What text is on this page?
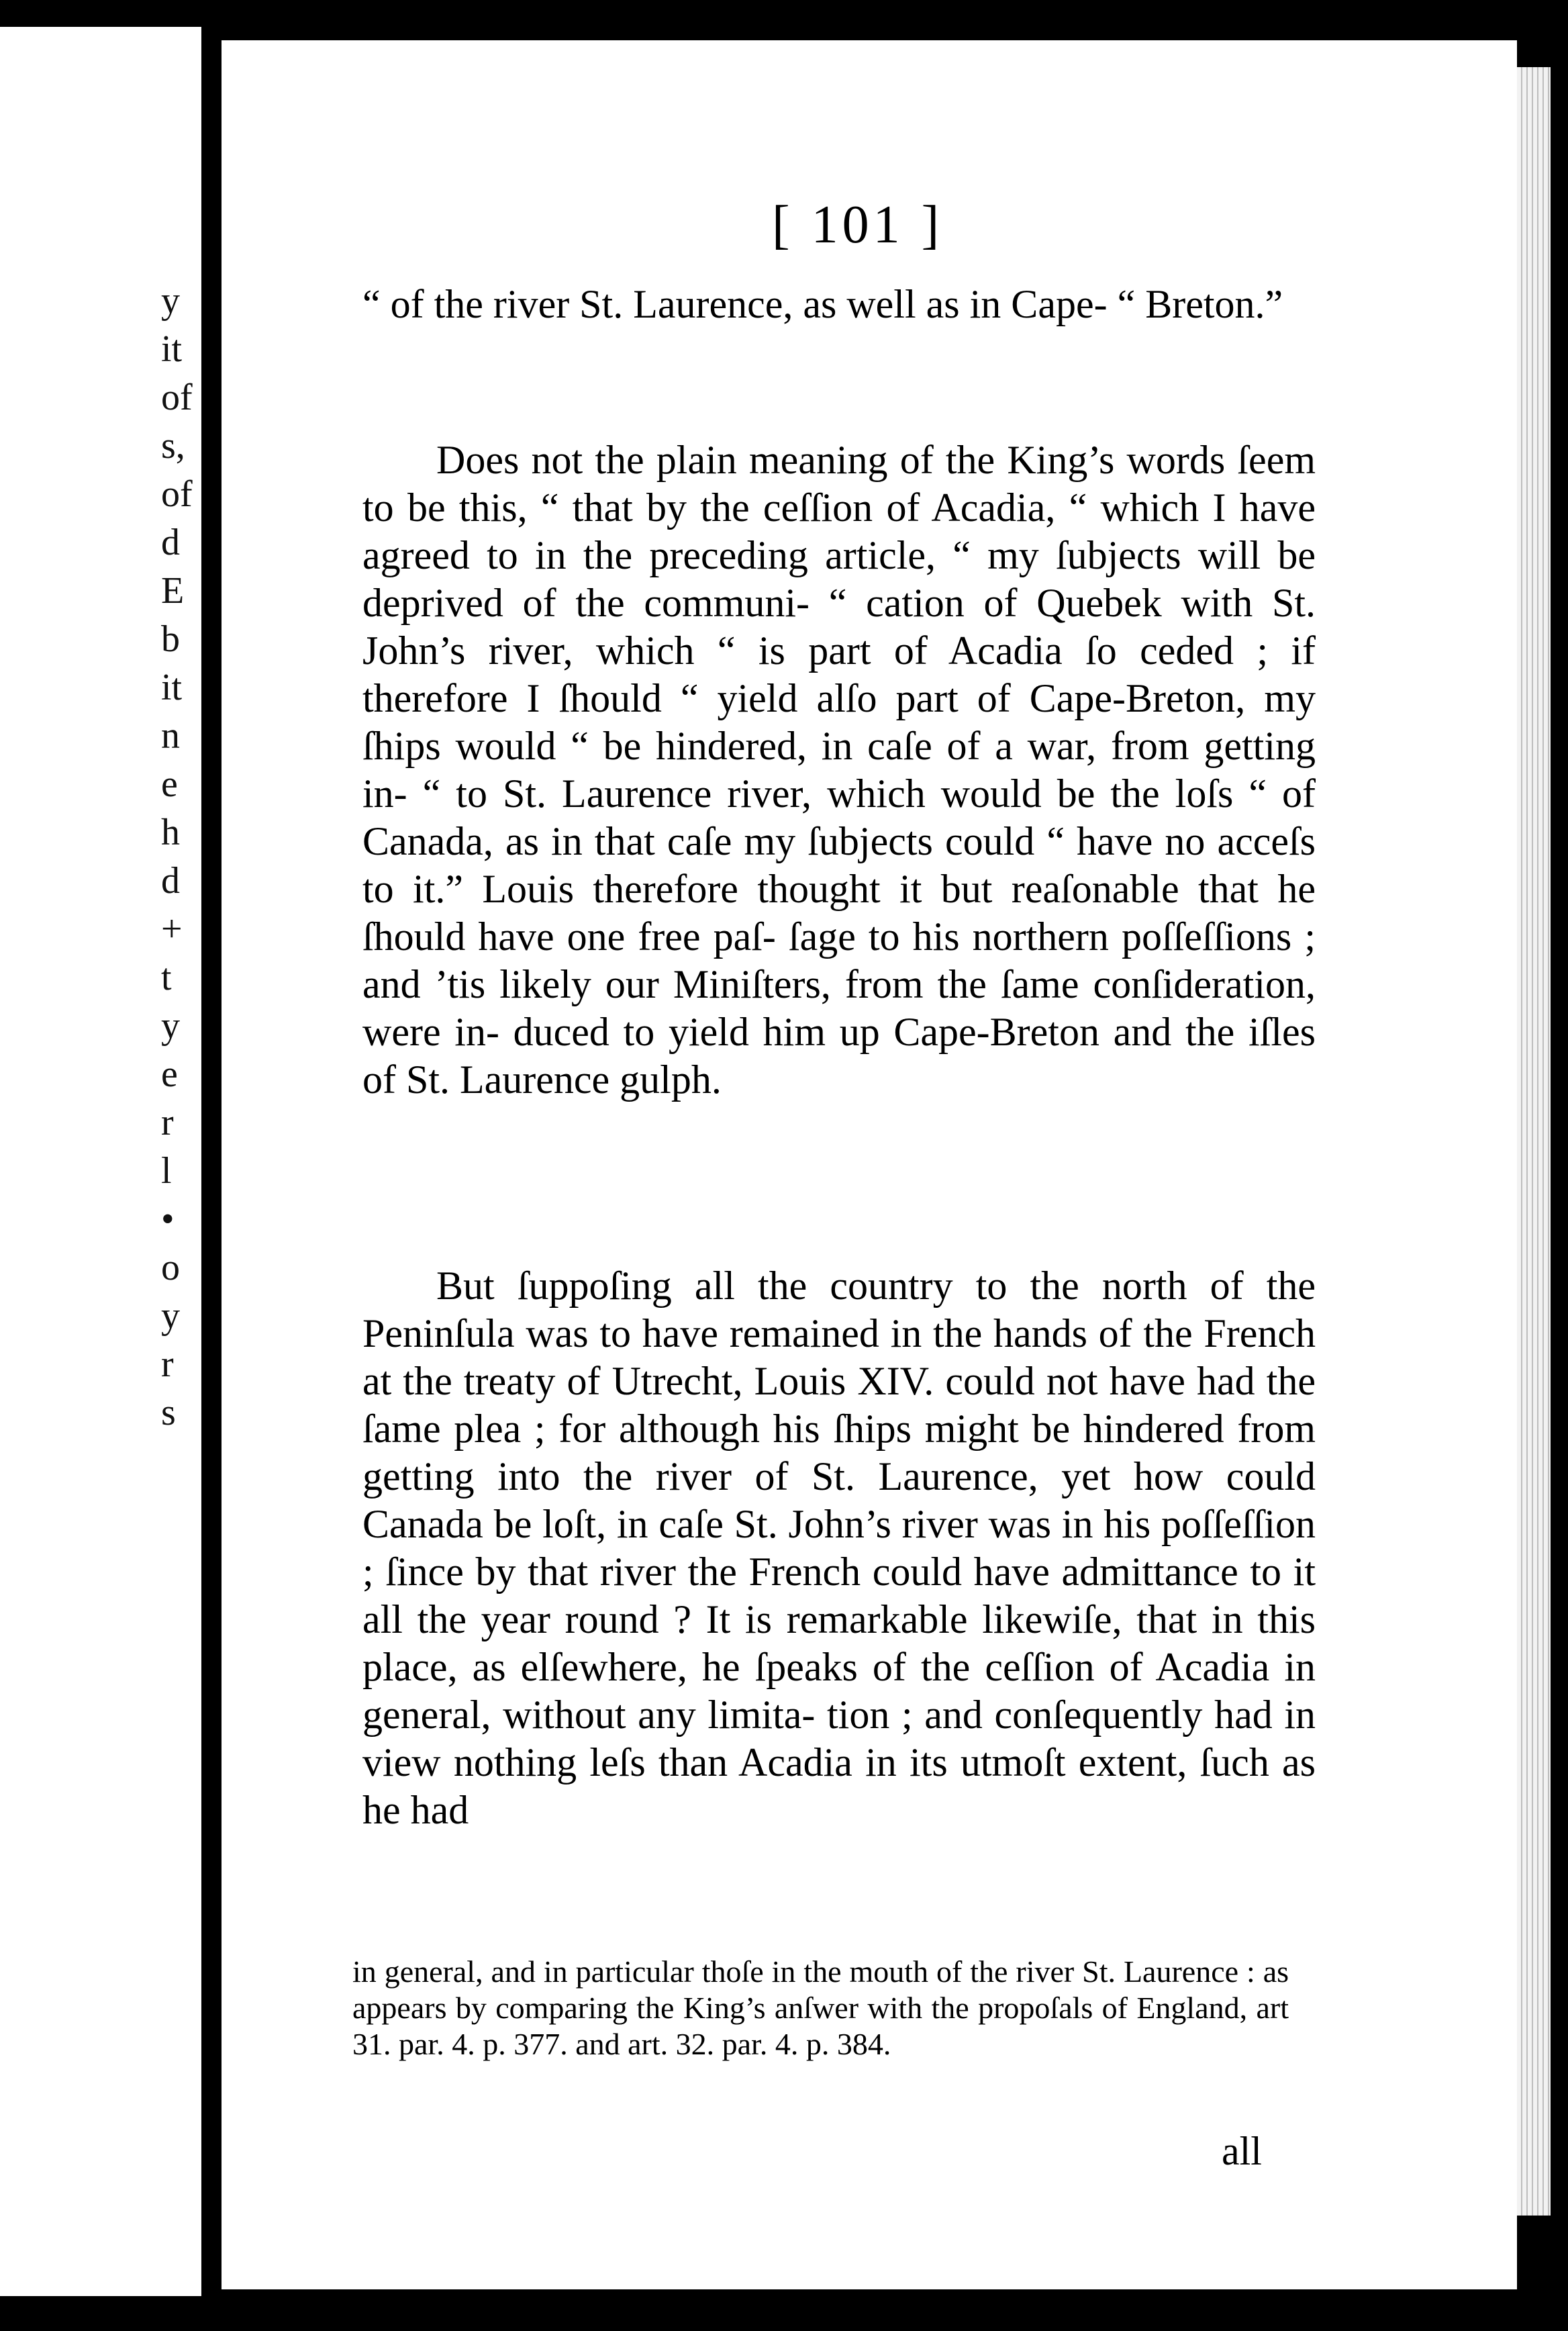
y
it
of
s,
of
d
E
b
it
n
e
h
d
+
t
y
e
r
l
•
o
y
r
s
[ 101 ]

“ of the river St. Laurence, as well as in Cape- “ Breton.”

Does not the plain meaning of the King’s words ſeem to be this, “ that by the ceſſion of Acadia, “ which I have agreed to in the preceding article, “ my ſubjects will be deprived of the communi- “ cation of Quebek with St. John’s river, which “ is part of Acadia ſo ceded ; if therefore I ſhould “ yield alſo part of Cape-Breton, my ſhips would “ be hindered, in caſe of a war, from getting in- “ to St. Laurence river, which would be the loſs “ of Canada, as in that caſe my ſubjects could “ have no acceſs to it.” Louis therefore thought it but reaſonable that he ſhould have one free paſ- ſage to his northern poſſeſſions ; and ’tis likely our Miniſters, from the ſame conſideration, were in- duced to yield him up Cape-Breton and the iſles of St. Laurence gulph.

But ſuppoſing all the country to the north of the Peninſula was to have remained in the hands of the French at the treaty of Utrecht, Louis XIV. could not have had the ſame plea ; for although his ſhips might be hindered from getting into the river of St. Laurence, yet how could Canada be loſt, in caſe St. John’s river was in his poſſeſſion ; ſince by that river the French could have admittance to it all the year round ? It is remarkable likewiſe, that in this place, as elſewhere, he ſpeaks of the ceſſion of Acadia in general, without any limita- tion ; and conſequently had in view nothing leſs than Acadia in its utmoſt extent, ſuch as he had

in general, and in particular thoſe in the mouth of the river St. Laurence : as appears by comparing the King’s anſwer with the propoſals of England, art 31. par. 4. p. 377. and art. 32. par. 4. p. 384.
all
